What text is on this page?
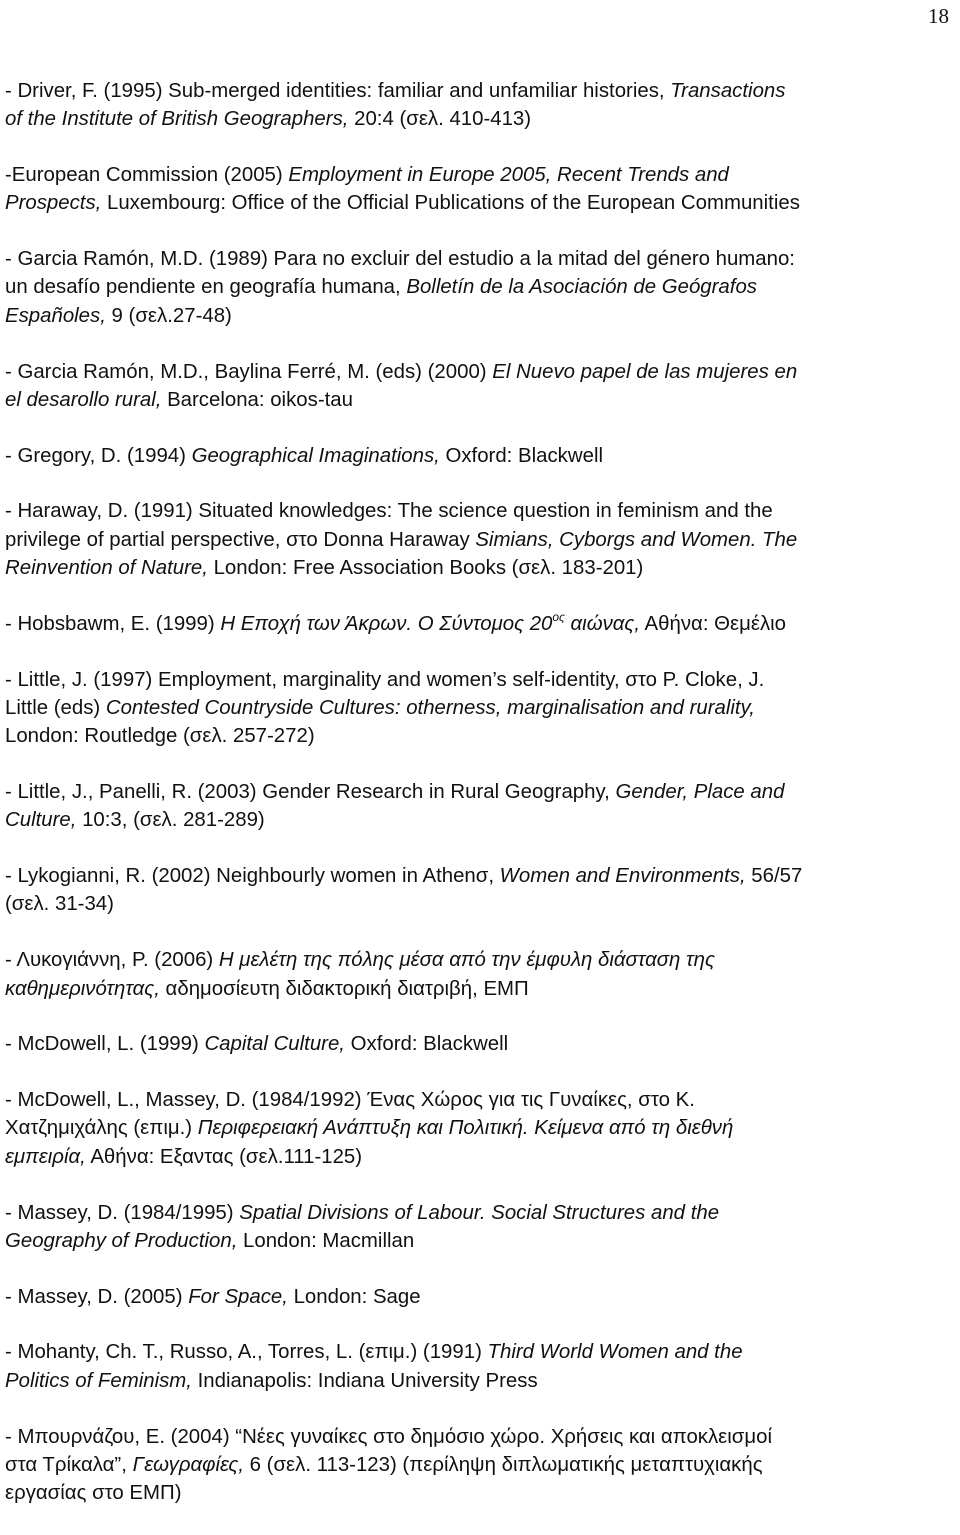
18
- Driver, F. (1995) Sub-merged identities: familiar and unfamiliar histories, Transactions
of the Institute of British Geographers, 20:4 (σελ. 410-413)
-European Commission (2005) Employment in Europe 2005, Recent Trends and
Prospects, Luxembourg: Office of the Official Publications of the European Communities
- Garcia Ramón, M.D. (1989) Para no excluir del estudio a la mitad del género humano:
un desafío pendiente en geografía humana, Bolletín de la Asociación de Geógrafos
Españoles, 9 (σελ.27-48)
- Garcia Ramón, M.D., Baylina Ferré, M. (eds) (2000) El Nuevo papel de las mujeres en
el desarollo rural, Barcelona: oikos-tau
- Gregory, D. (1994) Geographical Imaginations, Oxford: Blackwell
- Haraway, D. (1991) Situated knowledges: The science question in feminism and the
privilege of partial perspective, στο Donna Haraway Simians, Cyborgs and Women. The
Reinvention of Nature, London: Free Association Books (σελ. 183-201)
- Hobsbawm, E. (1999) Η Εποχή των Άκρων. Ο Σύντομος $20^{o\varsigma}$ αιώνας, Αθήνα: Θεμέλιο
- Little, J. (1997) Employment, marginality and women’s self-identity, στο P. Cloke, J.
Little (eds) Contested Countryside Cultures: otherness, marginalisation and rurality,
London: Routledge (σελ. 257-272)
- Little, J., Panelli, R. (2003) Gender Research in Rural Geography, Gender, Place and
Culture, 10:3, (σελ. 281-289)
- Lykogianni, R. (2002) Neighbourly women in Athenσ, Women and Environments, 56/57
(σελ. 31-34)
- Λυκογιάννη, Ρ. (2006) Η μελέτη της πόλης μέσα από την έμφυλη διάσταση της
καθημερινότητας, αδημοσίευτη διδακτορική διατριβή, ΕΜΠ
- McDowell, L. (1999) Capital Culture, Oxford: Blackwell
- McDowell, L., Massey, D. (1984/1992) Ένας Χώρος για τις Γυναίκες, στο Κ.
Χατζημιχάλης (επιμ.) Περιφερειακή Ανάπτυξη και Πολιτική. Κείμενα από τη διεθνή
εμπειρία, Αθήνα: Εξαντας (σελ.111-125)
- Massey, D. (1984/1995) Spatial Divisions of Labour. Social Structures and the
Geography of Production, London: Macmillan
- Massey, D. (2005) For Space, London: Sage
- Mohanty, Ch. T., Russo, A., Torres, L. (επιμ.) (1991) Third World Women and the
Politics of Feminism, Indianapolis: Indiana University Press
- Μπουρνάζου, Ε. (2004) “Νέες γυναίκες στο δημόσιο χώρο. Χρήσεις και αποκλεισμοί
στα Τρίκαλα”, Γεωγραφίες, 6 (σελ. 113-123) (περίληψη διπλωματικής μεταπτυχιακής
εργασίας στο ΕΜΠ)
